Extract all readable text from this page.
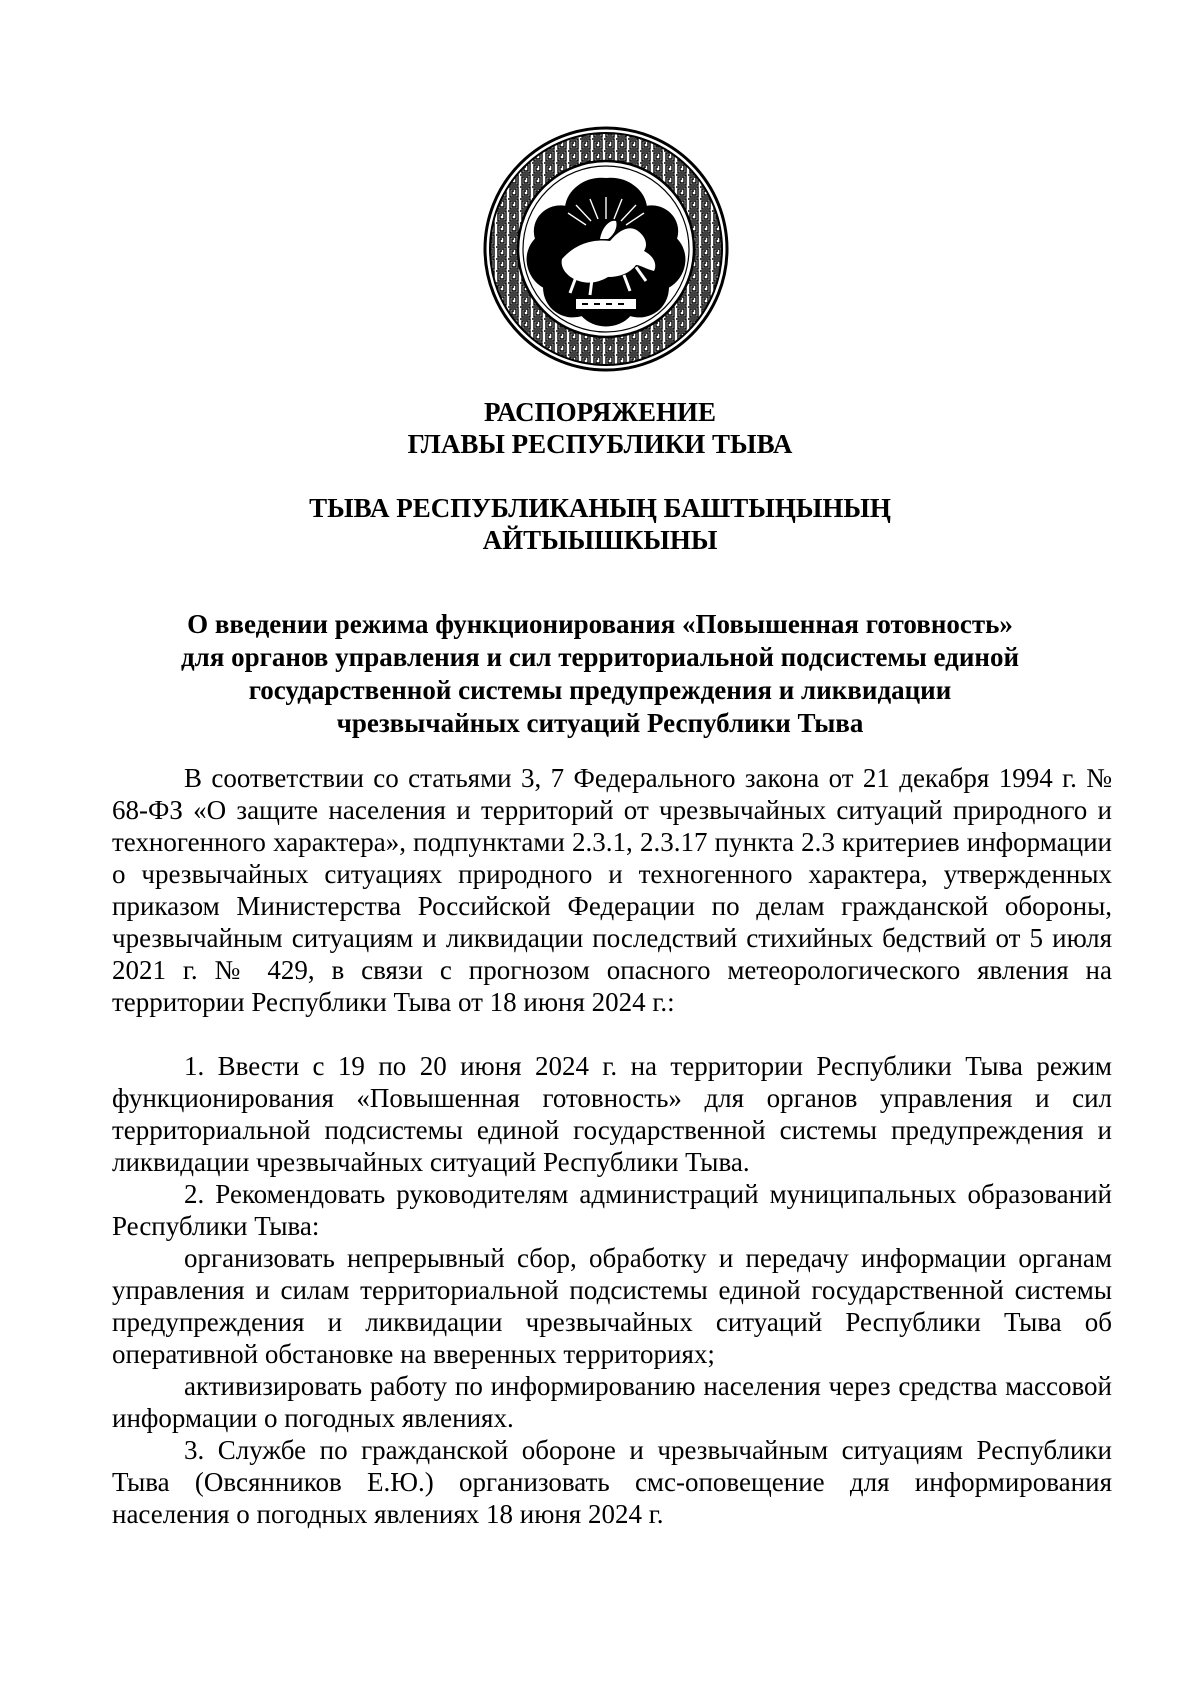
РАСПОРЯЖЕНИЕ
ГЛАВЫ РЕСПУБЛИКИ ТЫВА
ТЫВА РЕСПУБЛИКАНЫҢ БАШТЫҢЫНЫҢ
АЙТЫЫШКЫНЫ
О введении режима функционирования «Повышенная готовность»
для органов управления и сил территориальной подсистемы единой
государственной системы предупреждения и ликвидации
чрезвычайных ситуаций Республики Тыва

В соответствии со статьями 3, 7 Федерального закона от 21 декабря 1994 г. № 68-ФЗ «О защите населения и территорий от чрезвычайных ситуаций природного и техногенного характера», подпунктами 2.3.1, 2.3.17 пункта 2.3 критериев информации о чрезвычайных ситуациях природного и техногенного характера, утвержденных приказом Министерства Российской Федерации по делам гражданской обороны, чрезвычайным ситуациям и ликвидации последствий стихийных бедствий от 5 июля 2021 г. № 429, в связи с прогнозом опасного метеорологического явления на территории Республики Тыва от 18 июня 2024 г.:

1. Ввести с 19 по 20 июня 2024 г. на территории Республики Тыва режим функционирования «Повышенная готовность» для органов управления и сил территориальной подсистемы единой государственной системы предупреждения и ликвидации чрезвычайных ситуаций Республики Тыва.

2. Рекомендовать руководителям администраций муниципальных образований Республики Тыва:

организовать непрерывный сбор, обработку и передачу информации органам управления и силам территориальной подсистемы единой государственной системы предупреждения и ликвидации чрезвычайных ситуаций Республики Тыва об оперативной обстановке на вверенных территориях;

активизировать работу по информированию населения через средства массовой информации о погодных явлениях.

3. Службе по гражданской обороне и чрезвычайным ситуациям Республики Тыва (Овсянников Е.Ю.) организовать смс-оповещение для информирования населения о погодных явлениях 18 июня 2024 г.
